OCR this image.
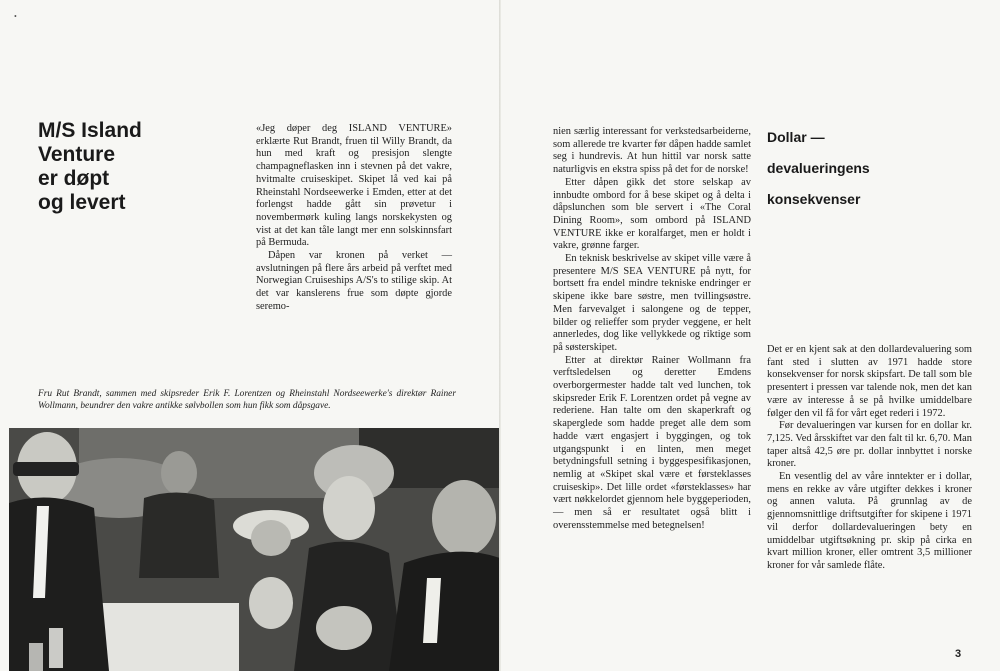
•
M/S Island
Venture
er døpt
og levert

«Jeg døper deg ISLAND VENTURE» erklærte Rut Brandt, fruen til Willy Brandt, da hun med kraft og presisjon slengte champagneflasken inn i stevnen på det vakre, hvitmalte cruiseskipet. Skipet lå ved kai på Rheinstahl Nordseewerke i Emden, etter at det forlengst hadde gått sin prøvetur i novembermørk kuling langs norskekysten og vist at det kan tåle langt mer enn solskinnsfart på Bermuda.

Dåpen var kronen på verket — avslutningen på flere års arbeid på verftet med Norwegian Cruiseships A/S's to stilige skip. At det var kanslerens frue som døpte gjorde seremo-

Fru Rut Brandt, sammen med skipsreder Erik F. Lorentzen og Rheinstahl Nordseewerke's direktør Rainer Wollmann, beundrer den vakre antikke sølvbollen som hun fikk som dåpsgave.

nien særlig interessant for verkstedsarbeiderne, som allerede tre kvarter før dåpen hadde samlet seg i hundrevis. At hun hittil var norsk satte naturligvis en ekstra spiss på det for de norske!

Etter dåpen gikk det store selskap av innbudte ombord for å bese skipet og å delta i dåpslunchen som ble servert i «The Coral Dining Room», som ombord på ISLAND VENTURE ikke er koralfarget, men er holdt i vakre, grønne farger.

En teknisk beskrivelse av skipet ville være å presentere M/S SEA VENTURE på nytt, for bortsett fra endel mindre tekniske endringer er skipene ikke bare søstre, men tvillingsøstre. Men farvevalget i salongene og de tepper, bilder og relieffer som pryder veggene, er helt annerledes, dog like vellykkede og riktige som på søsterskipet.

Etter at direktør Rainer Wollmann fra verftsledelsen og deretter Emdens overborgermester hadde talt ved lunchen, tok skipsreder Erik F. Lorentzen ordet på vegne av rederiene. Han talte om den skaperkraft og skaperglede som hadde preget alle dem som hadde vært engasjert i byggingen, og tok utgangspunkt i en linten, men meget betydningsfull setning i byggespesifikasjonen, nemlig at «Skipet skal være et førsteklasses cruiseskip». Det lille ordet «førsteklasses» har vært nøkkelordet gjennom hele byggeperioden, — men så er resultatet også blitt i overensstemmelse med betegnelsen!

Dollar —
devalueringens
konsekvenser

Det er en kjent sak at den dollardevaluering som fant sted i slutten av 1971 hadde store konsekvenser for norsk skipsfart. De tall som ble presentert i pressen var talende nok, men det kan være av interesse å se på hvilke umiddelbare følger den vil få for vårt eget rederi i 1972.

Før devalueringen var kursen for en dollar kr. 7,125. Ved årsskiftet var den falt til kr. 6,70. Man taper altså 42,5 øre pr. dollar innbyttet i norske kroner.

En vesentlig del av våre inntekter er i dollar, mens en rekke av våre utgifter dekkes i kroner og annen valuta. På grunnlag av de gjennomsnittlige driftsutgifter for skipene i 1971 vil derfor dollardevalueringen bety en umiddelbar utgiftsøkning pr. skip på cirka en kvart million kroner, eller omtrent 3,5 millioner kroner for vår samlede flåte.

3
